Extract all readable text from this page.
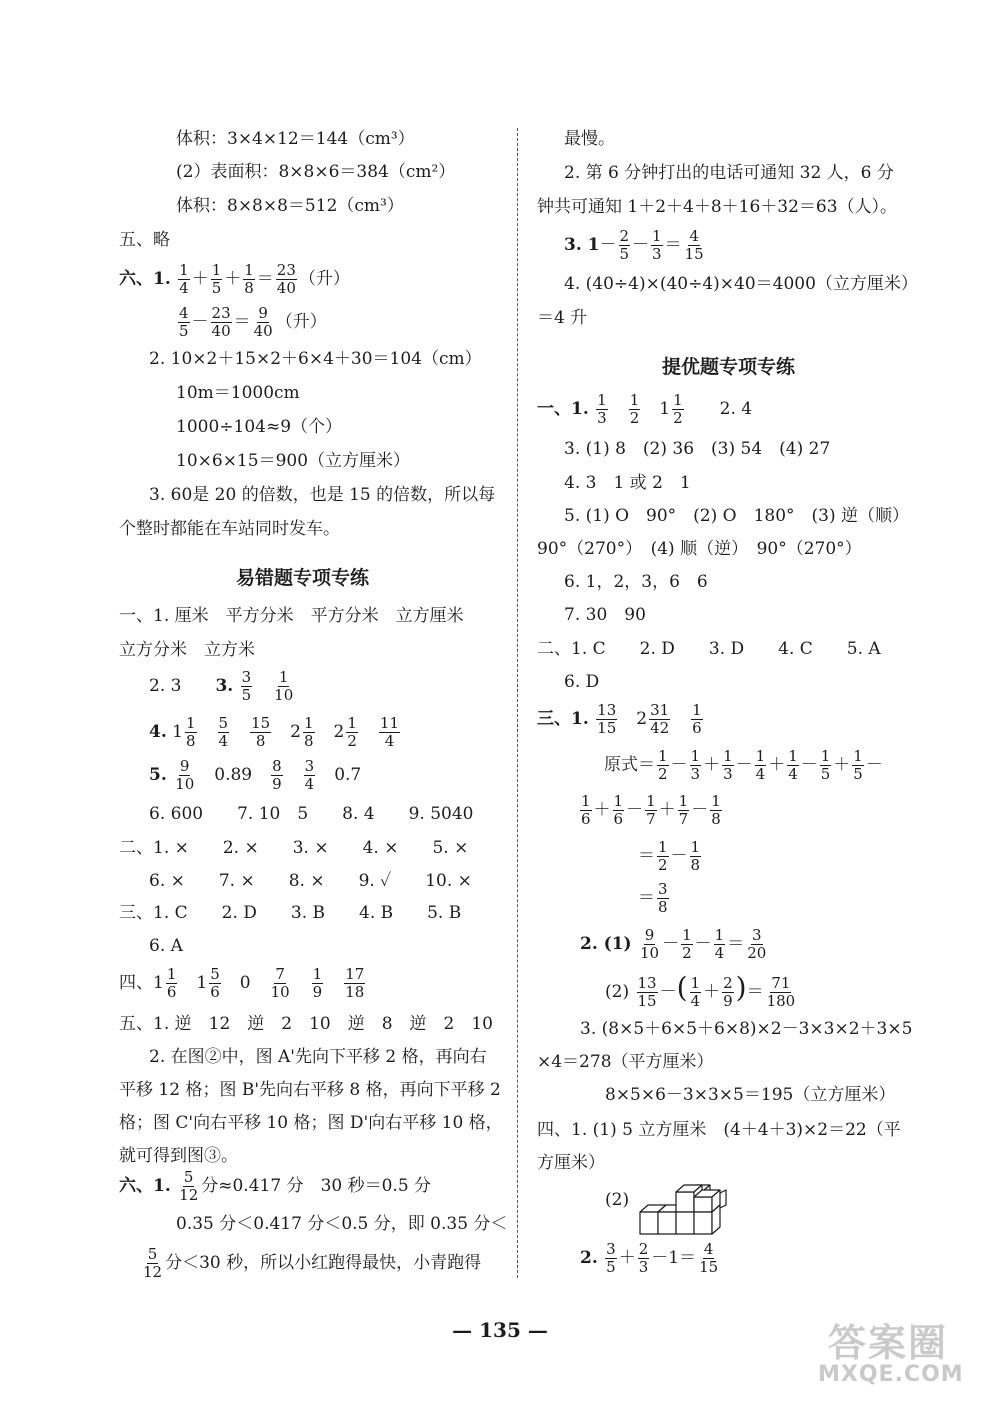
体积：3×4×12＝144（cm³）
(2）表面积：8×8×6＝384（cm²）
体积：8×8×8＝512（cm³）
五、略
六、1. $\frac{1}{4} + \frac{1}{5} + \frac{1}{8} = \frac{23}{40}$ （升）
$\frac{4}{5} - \frac{23}{40} = \frac{9}{40}$ （升）
2. 10×2＋15×2＋6×4＋30＝104（cm）
10m＝1000cm
1000÷104≈9（个）
10×6×15＝900（立方厘米）
3. 60是 20 的倍数，也是 15 的倍数，所以每
个整时都能在车站同时发车。
易错题专项专练
一、1. 厘米　平方分米　平方分米　立方厘米
立方分米　立方米
2. 3　　 3. $\frac{3}{5}$
　 $\frac{1}{10}$
4. $1 \frac{1}{8}$
　 $\frac{5}{4}$
　 $\frac{15}{8}$ 　$2 \frac{1}{8}$ 　$2 \frac{1}{2}$
　 $\frac{11}{4}$
5. $\frac{9}{10}$
　 0.89　 $\frac{8}{9}$
　 $\frac{3}{4}$
　 0.7
6. 600　　7. 10　5　　8. 4　　9. 5040
二、1. ×　　2. ×　　3. ×　　4. ×　　5. ×
6. ×　　7. ×　　8. ×　　9. ✓　　10. ×
三、1. C　　2. D　　3. B　　4. B　　5. B
6. A
四、$1 \frac{1}{6}$ 　$1 \frac{5}{6}$
　 0　 $\frac{7}{10}$
　 $\frac{1}{9}$
　 $\frac{17}{18}$
五、1. 逆　12　逆　2　10　逆　8　逆　2　10
2. 在图②中，图 A'先向下平移 2 格，再向右
平移 12 格；图 B'先向右平移 8 格，再向下平移 2
格；图 C'向右平移 10 格；图 D'向右平移 10 格，
就可得到图③。
六、1. $\frac{5}{12}$ 分≈0.417 分　30 秒＝0.5 分
0.35 分＜0.417 分＜0.5 分，即 0.35 分＜
$\frac{5}{12}$ 分＜30 秒，所以小红跑得最快，小青跑得
最慢。
2. 第 6 分钟打出的电话可通知 32 人，6 分
钟共可通知 1＋2＋4＋8＋16＋32＝63（人）。
3. $1- \frac{2}{5} - \frac{1}{3} = \frac{4}{15}$
4. (40÷4)×(40÷4)×40＝4000（立方厘米）
＝4 升
提优题专项专练
一、1. $\frac{1}{3}$
　 $\frac{1}{2}$ 　$1 \frac{1}{2}$
　　 2. 4
3. (1) 8　(2) 36　(3) 54　(4) 27
4. 3　1 或 2　1
5. (1) O　90°　(2) O　180°　(3) 逆（顺）
90°（270°）　(4) 顺（逆）　90°（270°）
6. 1，2，3，6　6
7. 30　90
二、1. C　　2. D　　3. D　　4. C　　5. A
6. D
三、1. $\frac{13}{15}$ 　$2 \frac{31}{42}$
　 $\frac{1}{6}$
原式＝ $\frac{1}{2} - \frac{1}{3} + \frac{1}{3} - \frac{1}{4} + \frac{1}{4} - \frac{1}{5} + \frac{1}{5}$ －
$\frac{1}{6} + \frac{1}{6} - \frac{1}{7} + \frac{1}{7} - \frac{1}{8}$
＝ $\frac{1}{2} - \frac{1}{8}$
＝ $\frac{3}{8}$
2. $(1) \frac{9}{10} - \frac{1}{2} - \frac{1}{4} = \frac{3}{20}$
$(2) \frac{13}{15}$ －( $\frac{1}{4} + \frac{2}{9}$ )＝ $\frac{71}{180}$
3. (8×5＋6×5＋6×8)×2－3×3×2＋3×5
×4＝278（平方厘米）
8×5×6－3×3×5＝195（立方厘米）
四、1. (1) 5 立方厘米　(4＋4＋3)×2＝22（平
方厘米）
(2)
2. $\frac{3}{5} + \frac{2}{3} -1= \frac{4}{15}$
— 135 —	答案圈
MXQE.COM
